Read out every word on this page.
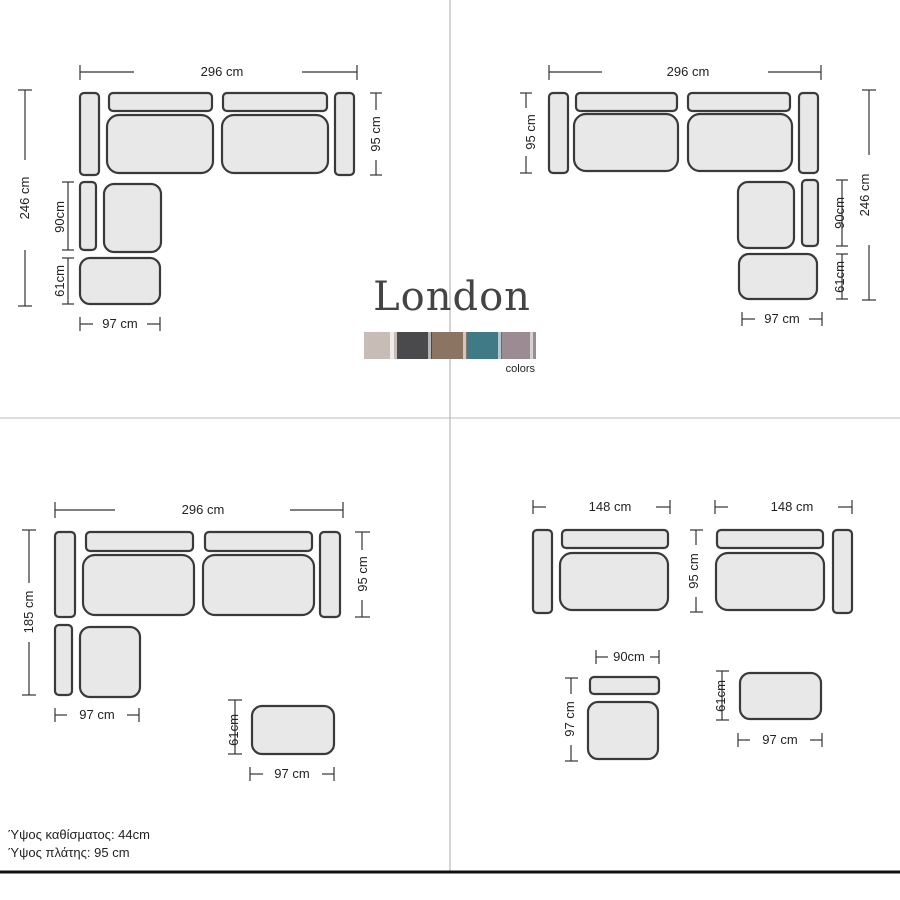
296 cm
246 cm
95 cm
90cm
61cm
97 cm
296 cm
95 cm
246 cm
90cm
61cm
97 cm
London
colors
296 cm
185 cm
95 cm
97 cm	61cm
97 cm
148 cm	148 cm
95 cm
90cm
97 cm
61cm
97 cm
Ύψος καθίσματος: 44cm
Ύψος πλάτης: 95 cm
